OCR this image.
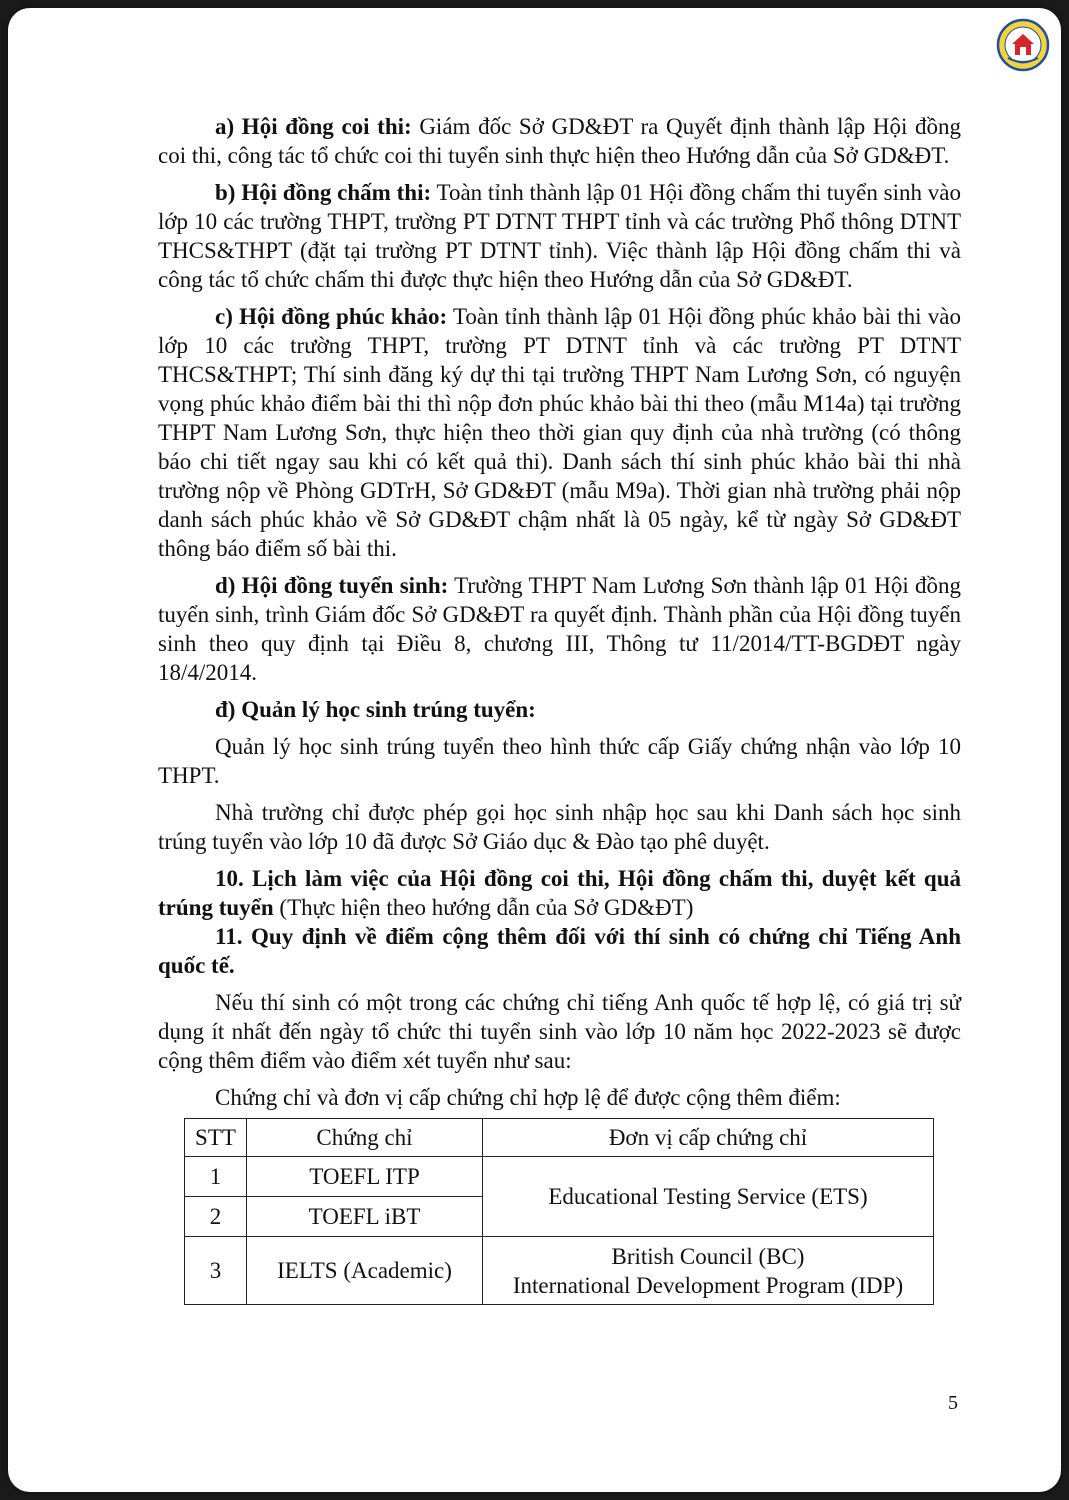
a) Hội đồng coi thi: Giám đốc Sở GD&ĐT ra Quyết định thành lập Hội đồng coi thi, công tác tổ chức coi thi tuyển sinh thực hiện theo Hướng dẫn của Sở GD&ĐT.

b) Hội đồng chấm thi: Toàn tỉnh thành lập 01 Hội đồng chấm thi tuyển sinh vào lớp 10 các trường THPT, trường PT DTNT THPT tỉnh và các trường Phổ thông DTNT THCS&THPT (đặt tại trường PT DTNT tỉnh). Việc thành lập Hội đồng chấm thi và công tác tổ chức chấm thi được thực hiện theo Hướng dẫn của Sở GD&ĐT.

c) Hội đồng phúc khảo: Toàn tỉnh thành lập 01 Hội đồng phúc khảo bài thi vào lớp 10 các trường THPT, trường PT DTNT tỉnh và các trường PT DTNT THCS&THPT; Thí sinh đăng ký dự thi tại trường THPT Nam Lương Sơn, có nguyện vọng phúc khảo điểm bài thi thì nộp đơn phúc khảo bài thi theo (mẫu M14a) tại trường THPT Nam Lương Sơn, thực hiện theo thời gian quy định của nhà trường (có thông báo chi tiết ngay sau khi có kết quả thi). Danh sách thí sinh phúc khảo bài thi nhà trường nộp về Phòng GDTrH, Sở GD&ĐT (mẫu M9a). Thời gian nhà trường phải nộp danh sách phúc khảo về Sở GD&ĐT chậm nhất là 05 ngày, kể từ ngày Sở GD&ĐT thông báo điểm số bài thi.

d) Hội đồng tuyển sinh: Trường THPT Nam Lương Sơn thành lập 01 Hội đồng tuyển sinh, trình Giám đốc Sở GD&ĐT ra quyết định. Thành phần của Hội đồng tuyển sinh theo quy định tại Điều 8, chương III, Thông tư 11/2014/TT-BGDĐT ngày 18/4/2014.

đ) Quản lý học sinh trúng tuyển:

Quản lý học sinh trúng tuyển theo hình thức cấp Giấy chứng nhận vào lớp 10 THPT.

Nhà trường chỉ được phép gọi học sinh nhập học sau khi Danh sách học sinh trúng tuyển vào lớp 10 đã được Sở Giáo dục & Đào tạo phê duyệt.

10. Lịch làm việc của Hội đồng coi thi, Hội đồng chấm thi, duyệt kết quả trúng tuyển (Thực hiện theo hướng dẫn của Sở GD&ĐT)

11. Quy định về điểm cộng thêm đối với thí sinh có chứng chỉ Tiếng Anh quốc tế.

Nếu thí sinh có một trong các chứng chỉ tiếng Anh quốc tế hợp lệ, có giá trị sử dụng ít nhất đến ngày tổ chức thi tuyển sinh vào lớp 10 năm học 2022-2023 sẽ được cộng thêm điểm vào điểm xét tuyển như sau:

Chứng chỉ và đơn vị cấp chứng chỉ hợp lệ để được cộng thêm điểm:

STT	Chứng chỉ	Đơn vị cấp chứng chỉ
1	TOEFL ITP	Educational Testing Service (ETS)
2	TOEFL iBT	
3	IELTS (Academic)	British Council (BC)
International Development Program (IDP)
5
